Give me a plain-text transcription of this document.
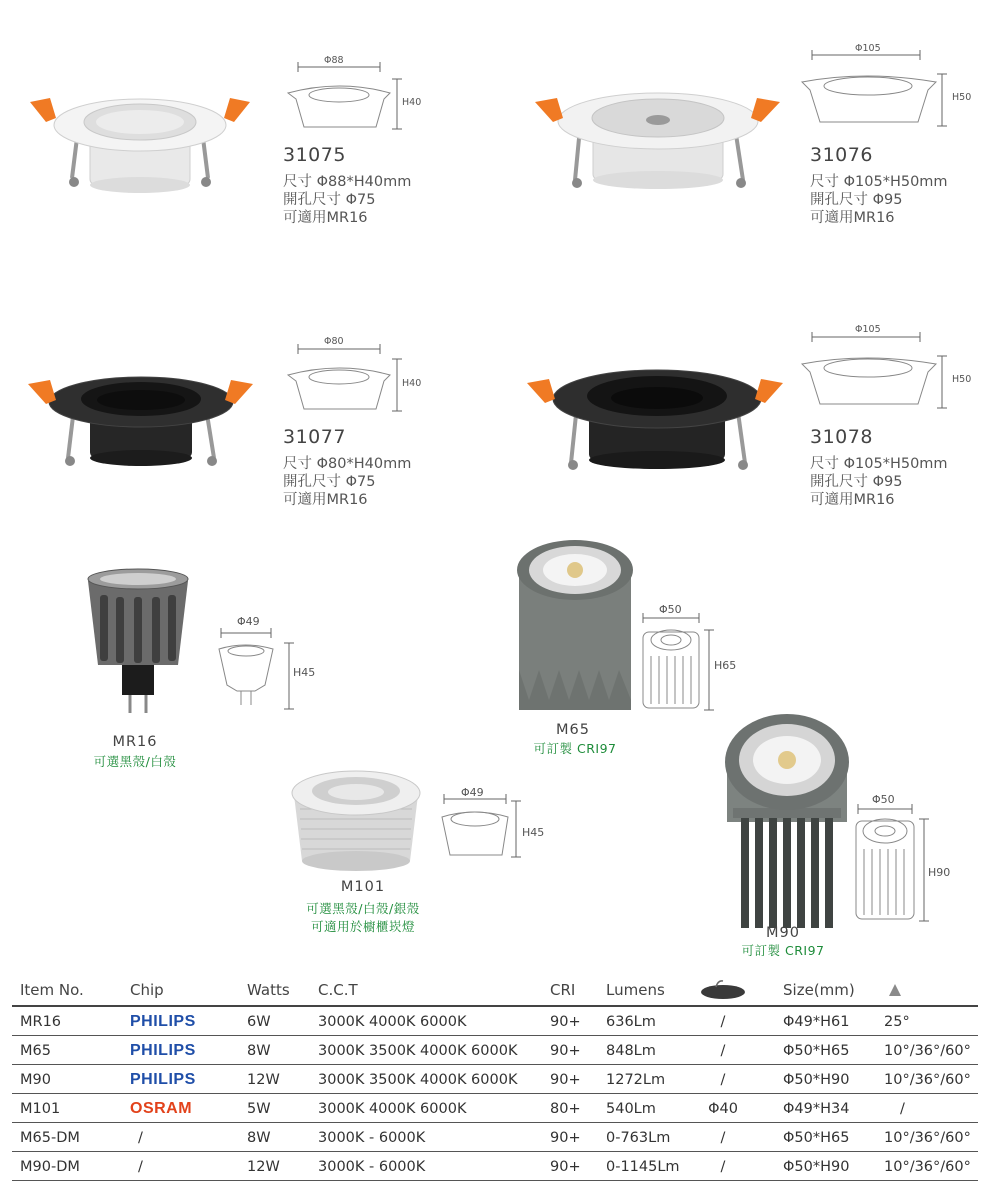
Φ88
H40
31075
尺寸 Φ88*H40mm
開孔尺寸 Φ75
可適用MR16
Φ105
H50
31076
尺寸 Φ105*H50mm
開孔尺寸 Φ95
可適用MR16
Φ80
H40
31077
尺寸 Φ80*H40mm
開孔尺寸 Φ75
可適用MR16
Φ105
H50
31078
尺寸 Φ105*H50mm
開孔尺寸 Φ95
可適用MR16
Φ49
H45
MR16
可選黑殼/白殼
Φ50
H65
M65
可訂製 CRI97
Φ49
H45
M101
可選黑殼/白殼/銀殼
可適用於櫥櫃崁燈
Φ50
H90
M90
可訂製 CRI97
Item No.	Chip	Watts C.C.T	CRI Lumens	Size(mm)
MR16	PHILIPS	6W	3000K 4000K 6000K	90+ 636Lm	/	Φ49*H61 25°
M65	PHILIPS	8W	3000K 3500K 4000K 6000K 90+ 848Lm	/	Φ50*H65 10°/36°/60°
M90	PHILIPS	12W	3000K 3500K 4000K 6000K 90+ 1272Lm	/	Φ50*H90 10°/36°/60°
M101	OSRAM	5W	3000K 4000K 6000K	80+ 540Lm	Φ40	Φ49*H34	/
M65-DM	/	8W	3000K - 6000K	90+ 0-763Lm	/	Φ50*H65 10°/36°/60°
M90-DM	/	12W	3000K - 6000K	90+ 0-1145Lm	/	Φ50*H90 10°/36°/60°
